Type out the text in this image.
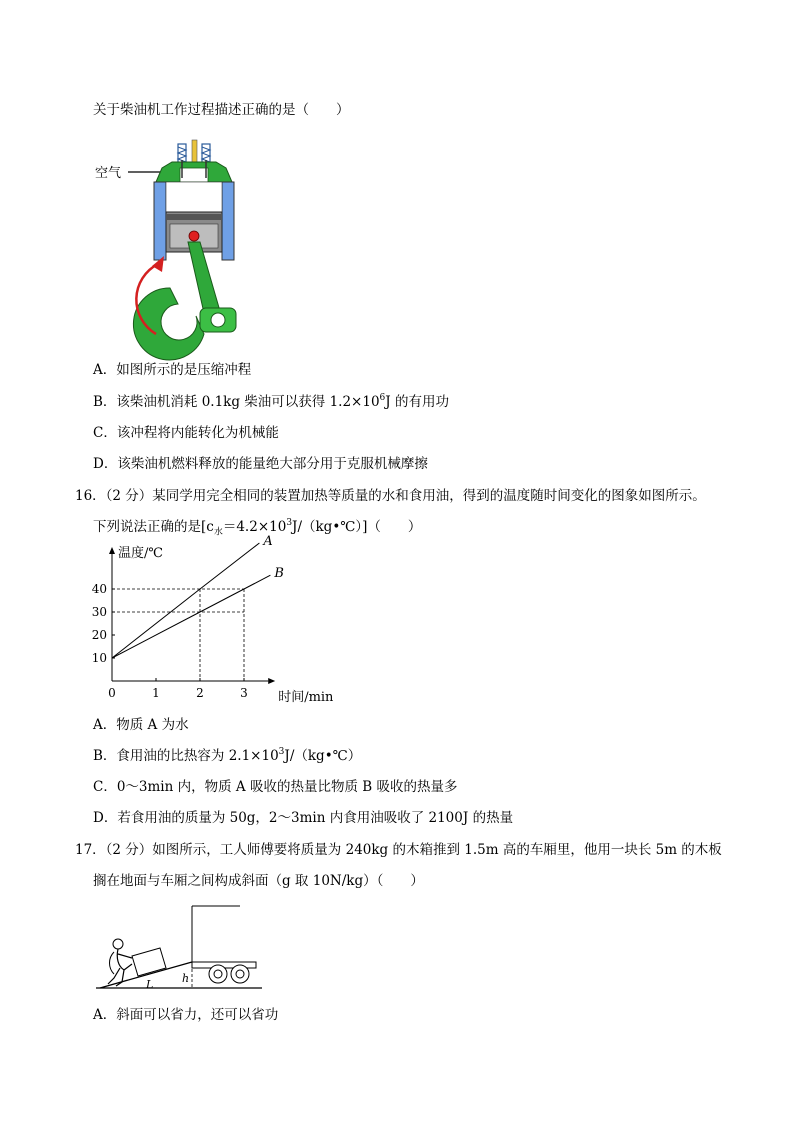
关于柴油机工作过程描述正确的是（　　）
空气
A．如图所示的是压缩冲程
B．该柴油机消耗 0.1kg 柴油可以获得 $1.2\times 10^6J$ 的有用功
C．该冲程将内能转化为机械能
D．该柴油机燃料释放的能量绝大部分用于克服机械摩擦
16．（2 分）某同学用完全相同的装置加热等质量的水和食用油，得到的温度随时间变化的图象如图所示。
下列说法正确的是$[c_水=4.2\times 10^3J/(kg•℃)]$（　　）
0	1	2	3
10
20
30
40
A
B
温度/℃
时间/min
A．物质 A 为水
B．食用油的比热容为 $2.1\times 10^3J/(kg•℃)$
C．0～3min 内，物质 A 吸收的热量比物质 B 吸收的热量多
D．若食用油的质量为 50g，2～3min 内食用油吸收了 2100J 的热量
17．（2 分）如图所示，工人师傅要将质量为 240kg 的木箱推到 1.5m 高的车厢里，他用一块长 5m 的木板
搁在地面与车厢之间构成斜面（g 取 10N/kg）（　　）
h
L
A．斜面可以省力，还可以省功
